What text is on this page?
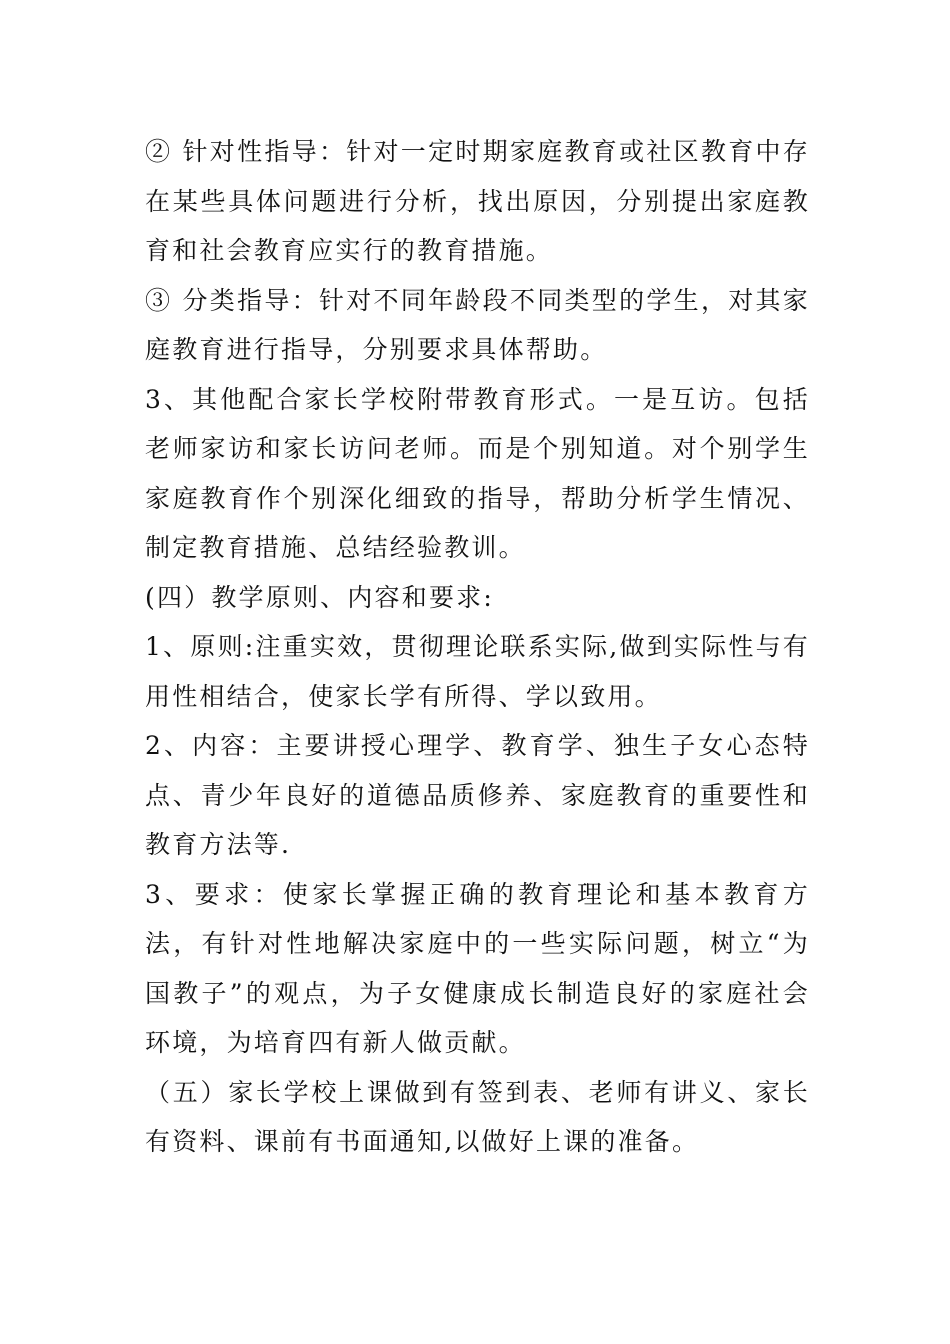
② 针对性指导：针对一定时期家庭教育或社区教育中存在某些具体问题进行分析，找出原因，分别提出家庭教育和社会教育应实行的教育措施。

③ 分类指导：针对不同年龄段不同类型的学生，对其家庭教育进行指导，分别要求具体帮助。

3、其他配合家长学校附带教育形式。一是互访。包括老师家访和家长访问老师。而是个别知道。对个别学生家庭教育作个别深化细致的指导，帮助分析学生情况、制定教育措施、总结经验教训。

(四）教学原则、内容和要求:

1、原则:注重实效，贯彻理论联系实际,做到实际性与有用性相结合，使家长学有所得、学以致用。

2、内容：主要讲授心理学、教育学、独生子女心态特点、青少年良好的道德品质修养、家庭教育的重要性和教育方法等.

3、要求：使家长掌握正确的教育理论和基本教育方法，有针对性地解决家庭中的一些实际问题，树立“为国教子”的观点，为子女健康成长制造良好的家庭社会环境，为培育四有新人做贡献。

（五）家长学校上课做到有签到表、老师有讲义、家长有资料、课前有书面通知,以做好上课的准备。
